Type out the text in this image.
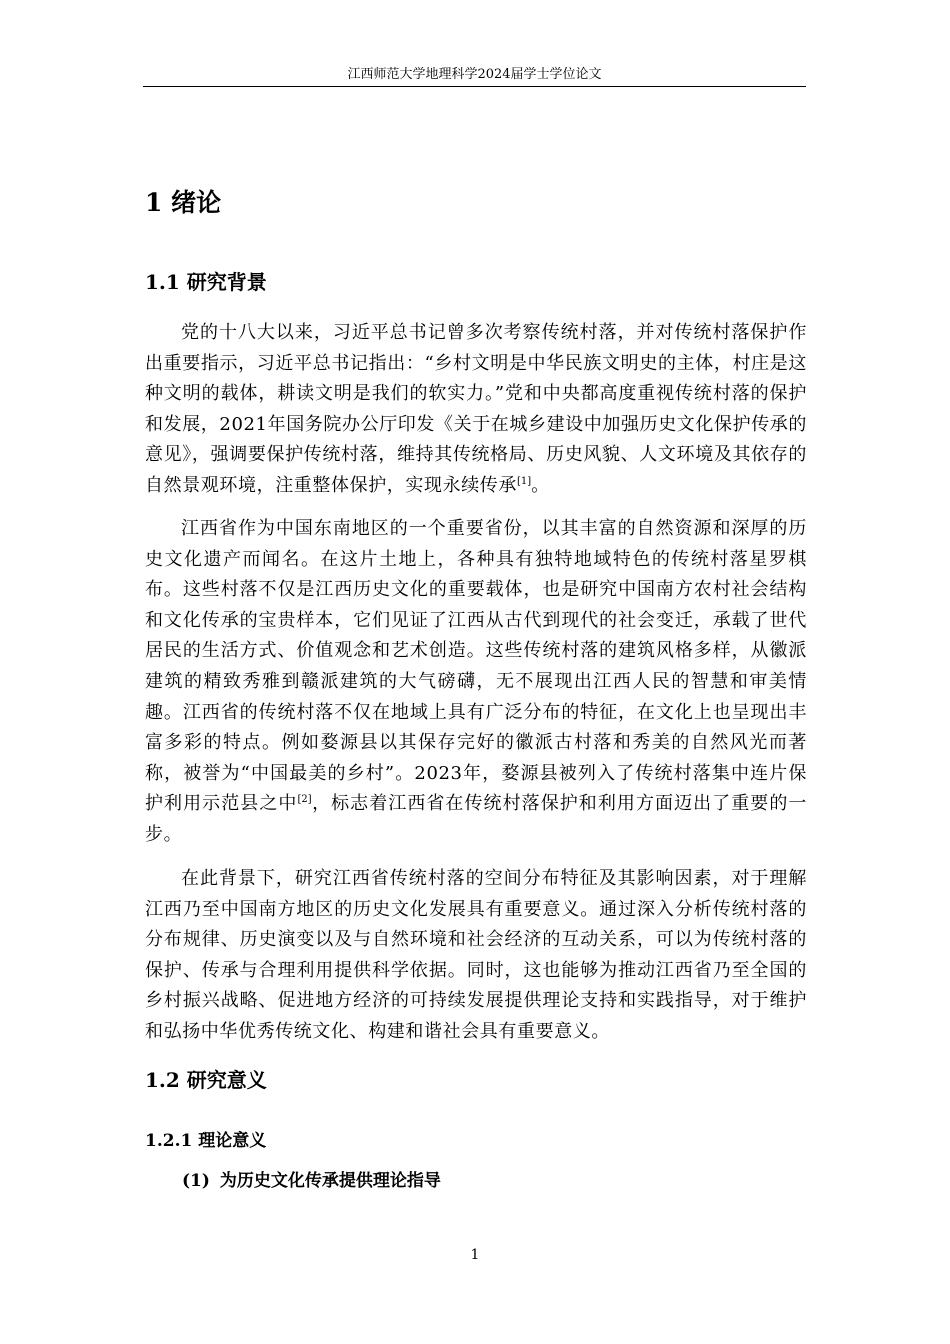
江西师范大学地理科学2024届学士学位论文
1 绪论
1.1 研究背景

党的十八大以来，习近平总书记曾多次考察传统村落，并对传统村落保护作出重要指示，习近平总书记指出：“乡村文明是中华民族文明史的主体，村庄是这种文明的载体，耕读文明是我们的软实力。”党和中央都高度重视传统村落的保护和发展，2021年国务院办公厅印发《关于在城乡建设中加强历史文化保护传承的意见》，强调要保护传统村落，维持其传统格局、历史风貌、人文环境及其依存的自然景观环境，注重整体保护，实现永续传承[1]。

江西省作为中国东南地区的一个重要省份，以其丰富的自然资源和深厚的历史文化遗产而闻名。在这片土地上，各种具有独特地域特色的传统村落星罗棋布。这些村落不仅是江西历史文化的重要载体，也是研究中国南方农村社会结构和文化传承的宝贵样本，它们见证了江西从古代到现代的社会变迁，承载了世代居民的生活方式、价值观念和艺术创造。这些传统村落的建筑风格多样，从徽派建筑的精致秀雅到赣派建筑的大气磅礴，无不展现出江西人民的智慧和审美情趣。江西省的传统村落不仅在地域上具有广泛分布的特征，在文化上也呈现出丰富多彩的特点。例如婺源县以其保存完好的徽派古村落和秀美的自然风光而著称，被誉为“中国最美的乡村”。2023年，婺源县被列入了传统村落集中连片保护利用示范县之中[2]，标志着江西省在传统村落保护和利用方面迈出了重要的一步。

在此背景下，研究江西省传统村落的空间分布特征及其影响因素，对于理解江西乃至中国南方地区的历史文化发展具有重要意义。通过深入分析传统村落的分布规律、历史演变以及与自然环境和社会经济的互动关系，可以为传统村落的保护、传承与合理利用提供科学依据。同时，这也能够为推动江西省乃至全国的乡村振兴战略、促进地方经济的可持续发展提供理论支持和实践指导，对于维护和弘扬中华优秀传统文化、构建和谐社会具有重要意义。

1.2 研究意义
1.2.1 理论意义
(1) 为历史文化传承提供理论指导
1
